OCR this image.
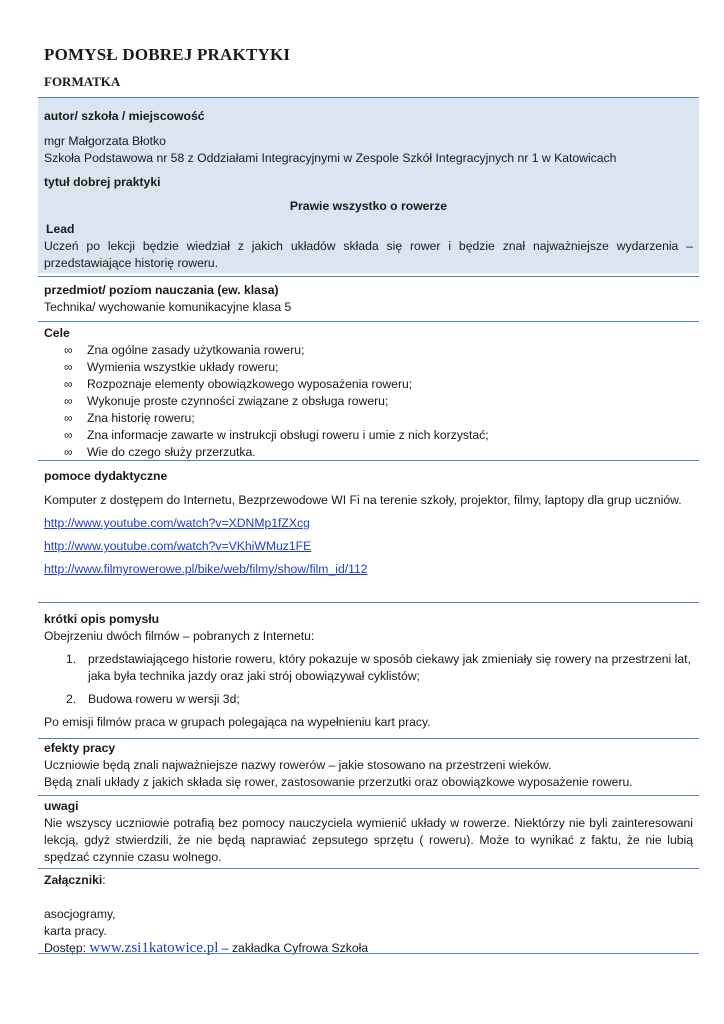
POMYSŁ DOBREJ PRAKTYKI
FORMATKA
autor/ szkoła / miejscowość
mgr Małgorzata Błotko
Szkoła Podstawowa nr 58 z Oddziałami Integracyjnymi w Zespole Szkół Integracyjnych nr 1 w Katowicach
tytuł dobrej praktyki
Prawie wszystko o rowerze
Lead
Uczeń po lekcji będzie wiedział z jakich układów składa się rower i będzie znał najważniejsze wydarzenia – przedstawiające historię roweru.
przedmiot/ poziom nauczania (ew. klasa)
Technika/ wychowanie komunikacyjne klasa 5
Cele
∞ Zna ogólne zasady użytkowania roweru;
∞ Wymienia wszystkie układy roweru;
∞ Rozpoznaje elementy obowiązkowego wyposażenia roweru;
∞ Wykonuje proste czynności związane z obsługa roweru;
∞ Zna historię roweru;
∞ Zna informacje zawarte w instrukcji obsługi roweru i umie z nich korzystać;
∞ Wie do czego służy przerzutka.
pomoce dydaktyczne
Komputer z dostępem do Internetu, Bezprzewodowe WI Fi na terenie szkoły, projektor, filmy, laptopy dla grup uczniów.
http://www.youtube.com/watch?v=XDNMp1fZXcg
http://www.youtube.com/watch?v=VKhiWMuz1FE
http://www.filmyrowerowe.pl/bike/web/filmy/show/film_id/112
krótki opis pomysłu
Obejrzeniu dwóch filmów – pobranych z Internetu:
1. przedstawiającego historie roweru, który pokazuje w sposób ciekawy jak zmieniały się rowery na przestrzeni lat, jaka była technika jazdy oraz jaki strój obowiązywał cyklistów;
2. Budowa roweru w wersji 3d;
Po emisji filmów praca w grupach polegająca na wypełnieniu kart pracy.
efekty pracy
Uczniowie będą znali najważniejsze nazwy rowerów – jakie stosowano na przestrzeni wieków.
Będą znali układy z jakich składa się rower, zastosowanie przerzutki oraz obowiązkowe wyposażenie roweru.
uwagi
Nie wszyscy uczniowie potrafią bez pomocy nauczyciela wymienić układy w rowerze. Niektórzy nie byli zainteresowani lekcją, gdyż stwierdzili, że nie będą naprawiać zepsutego sprzętu ( roweru). Może to wynikać z faktu, że nie lubią spędzać czynnie czasu wolnego.
Załączniki:
asocjogramy,
karta pracy.
Dostęp: www.zsi1katowice.pl – zakładka Cyfrowa Szkoła
